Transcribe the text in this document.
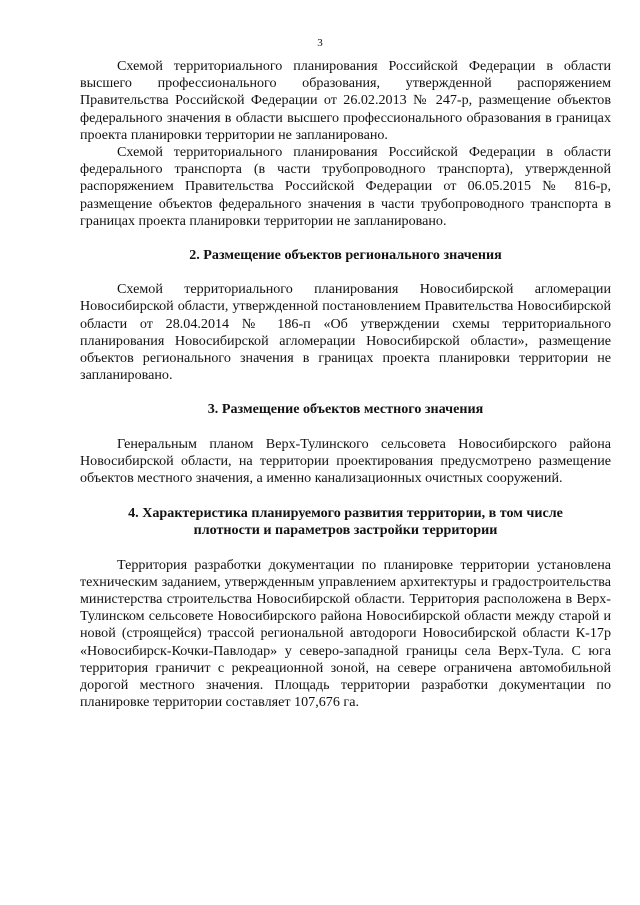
3

Схемой территориального планирования Российской Федерации в области высшего профессионального образования, утвержденной распоряжением Правительства Российской Федерации от 26.02.2013 № 247-р, размещение объектов федерального значения в области высшего профессионального образования в границах проекта планировки территории не запланировано.

Схемой территориального планирования Российской Федерации в области федерального транспорта (в части трубопроводного транспорта), утвержденной распоряжением Правительства Российской Федерации от 06.05.2015 № 816-р, размещение объектов федерального значения в части трубопроводного транспорта в границах проекта планировки территории не запланировано.

2. Размещение объектов регионального значения

Схемой территориального планирования Новосибирской агломерации Новосибирской области, утвержденной постановлением Правительства Новосибирской области от 28.04.2014 № 186-п «Об утверждении схемы территориального планирования Новосибирской агломерации Новосибирской области», размещение объектов регионального значения в границах проекта планировки территории не запланировано.

3. Размещение объектов местного значения

Генеральным планом Верх-Тулинского сельсовета Новосибирского района Новосибирской области, на территории проектирования предусмотрено размещение объектов местного значения, а именно канализационных очистных сооружений.

4. Характеристика планируемого развития территории, в том числе

плотности и параметров застройки территории

Территория разработки документации по планировке территории установлена техническим заданием, утвержденным управлением архитектуры и градостроительства министерства строительства Новосибирской области. Территория расположена в Верх-Тулинском сельсовете Новосибирского района Новосибирской области между старой и новой (строящейся) трассой региональной автодороги Новосибирской области К-17р «Новосибирск-Кочки-Павлодар» у северо-западной границы села Верх-Тула. С юга территория граничит с рекреационной зоной, на севере ограничена автомобильной дорогой местного значения. Площадь территории разработки документации по планировке территории составляет 107,676 га.
